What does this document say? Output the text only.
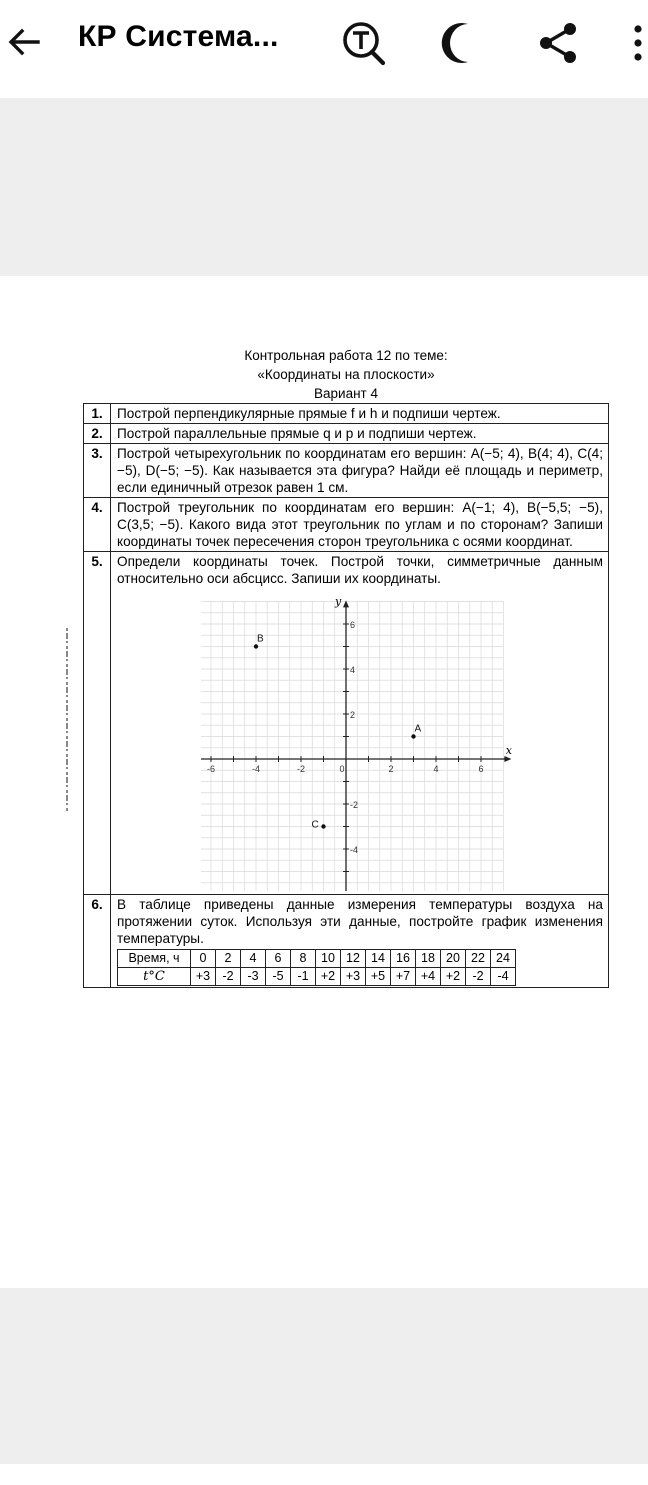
КР Система...
Контрольная работа 12 по теме:
«Координаты на плоскости»
Вариант 4
1.	Построй перпендикулярные прямые f и h и подпиши чертеж.
2.	Построй параллельные прямые q и p и подпиши чертеж.
3.	Построй четырехугольник по координатам его вершин: A(−5; 4), B(4; 4), C(4; −5), D(−5; −5). Как называется эта фигура? Найди её площадь и периметр, если единичный отрезок равен 1 см.
4.	Построй треугольник по координатам его вершин: A(−1; 4), B(−5,5; −5), C(3,5; −5). Какого вида этот треугольник по углам и по сторонам? Запиши координаты точек пересечения сторон треугольника с осями координат.
5.	Определи координаты точек. Построй точки, симметричные данным относительно оси абсцисс. Запиши их координаты.
-6	-4	-2	0	2	4	6
6
4
2
-2
-4
x
y
B
A
C

6.	В таблице приведены данные измерения температуры воздуха на протяжении суток. Используя эти данные, постройте график изменения температуры.
Время, ч	0	2	4	6	8	10	12	14	16	18	20	22	24
t°C	+3	-2	-3	-5	-1	+2	+3	+5	+7	+4	+2	-2	-4
